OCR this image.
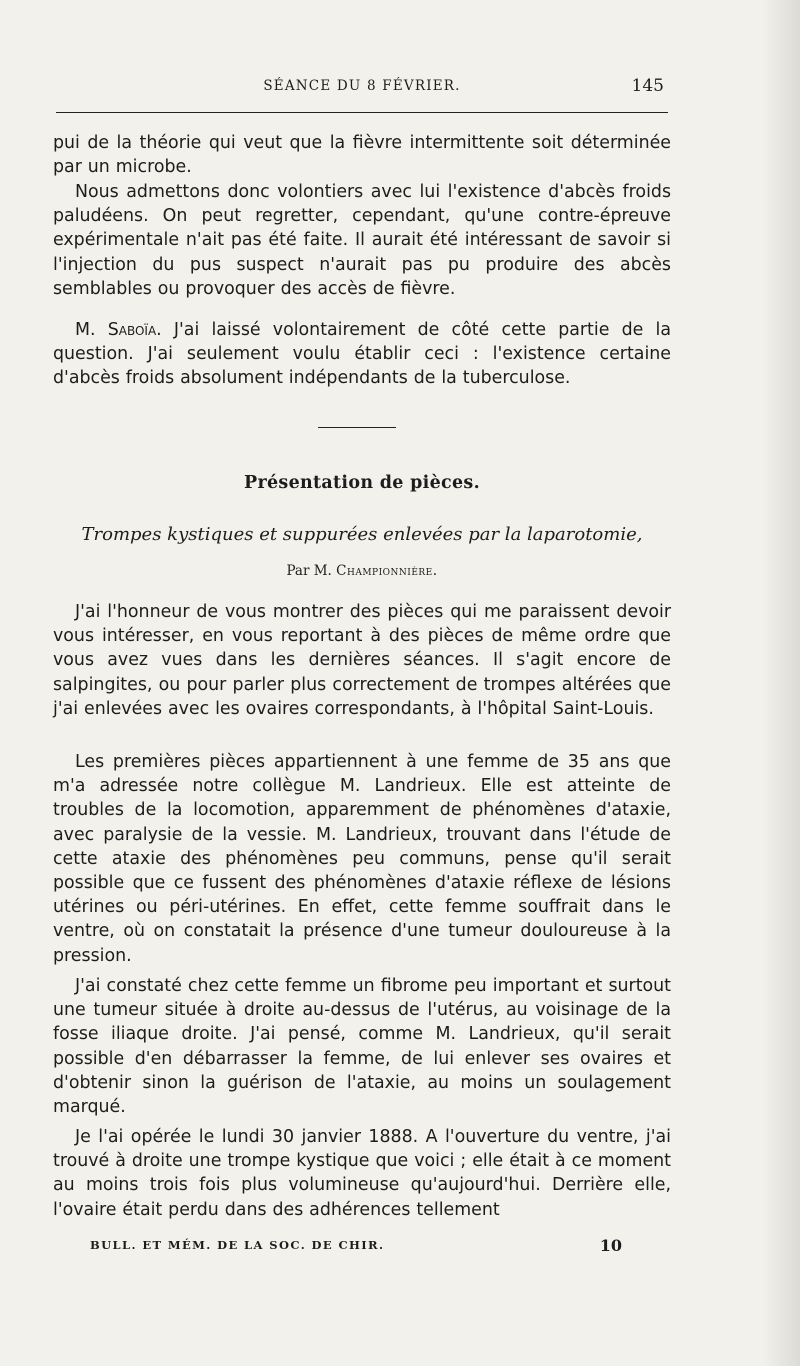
SÉANCE DU 8 FÉVRIER.	145

pui de la théorie qui veut que la fièvre intermittente soit déterminée par un microbe.

Nous admettons donc volontiers avec lui l'existence d'abcès froids paludéens. On peut regretter, cependant, qu'une contre-épreuve expérimentale n'ait pas été faite. Il aurait été intéressant de savoir si l'injection du pus suspect n'aurait pas pu produire des abcès semblables ou provoquer des accès de fièvre.

M. Saboïa. J'ai laissé volontairement de côté cette partie de la question. J'ai seulement voulu établir ceci : l'existence certaine d'abcès froids absolument indépendants de la tuberculose.

Présentation de pièces.
Trompes kystiques et suppurées enlevées par la laparotomie,
Par M. Championnière.

J'ai l'honneur de vous montrer des pièces qui me paraissent devoir vous intéresser, en vous reportant à des pièces de même ordre que vous avez vues dans les dernières séances. Il s'agit encore de salpingites, ou pour parler plus correctement de trompes altérées que j'ai enlevées avec les ovaires correspondants, à l'hôpital Saint-Louis.

Les premières pièces appartiennent à une femme de 35 ans que m'a adressée notre collègue M. Landrieux. Elle est atteinte de troubles de la locomotion, apparemment de phénomènes d'ataxie, avec paralysie de la vessie. M. Landrieux, trouvant dans l'étude de cette ataxie des phénomènes peu communs, pense qu'il serait possible que ce fussent des phénomènes d'ataxie réflexe de lésions utérines ou péri-utérines. En effet, cette femme souffrait dans le ventre, où on constatait la présence d'une tumeur douloureuse à la pression.

J'ai constaté chez cette femme un fibrome peu important et surtout une tumeur située à droite au-dessus de l'utérus, au voisinage de la fosse iliaque droite. J'ai pensé, comme M. Landrieux, qu'il serait possible d'en débarrasser la femme, de lui enlever ses ovaires et d'obtenir sinon la guérison de l'ataxie, au moins un soulagement marqué.

Je l'ai opérée le lundi 30 janvier 1888. A l'ouverture du ventre, j'ai trouvé à droite une trompe kystique que voici ; elle était à ce moment au moins trois fois plus volumineuse qu'aujourd'hui. Derrière elle, l'ovaire était perdu dans des adhérences tellement

BULL. ET MÉM. DE LA SOC. DE CHIR.	10
